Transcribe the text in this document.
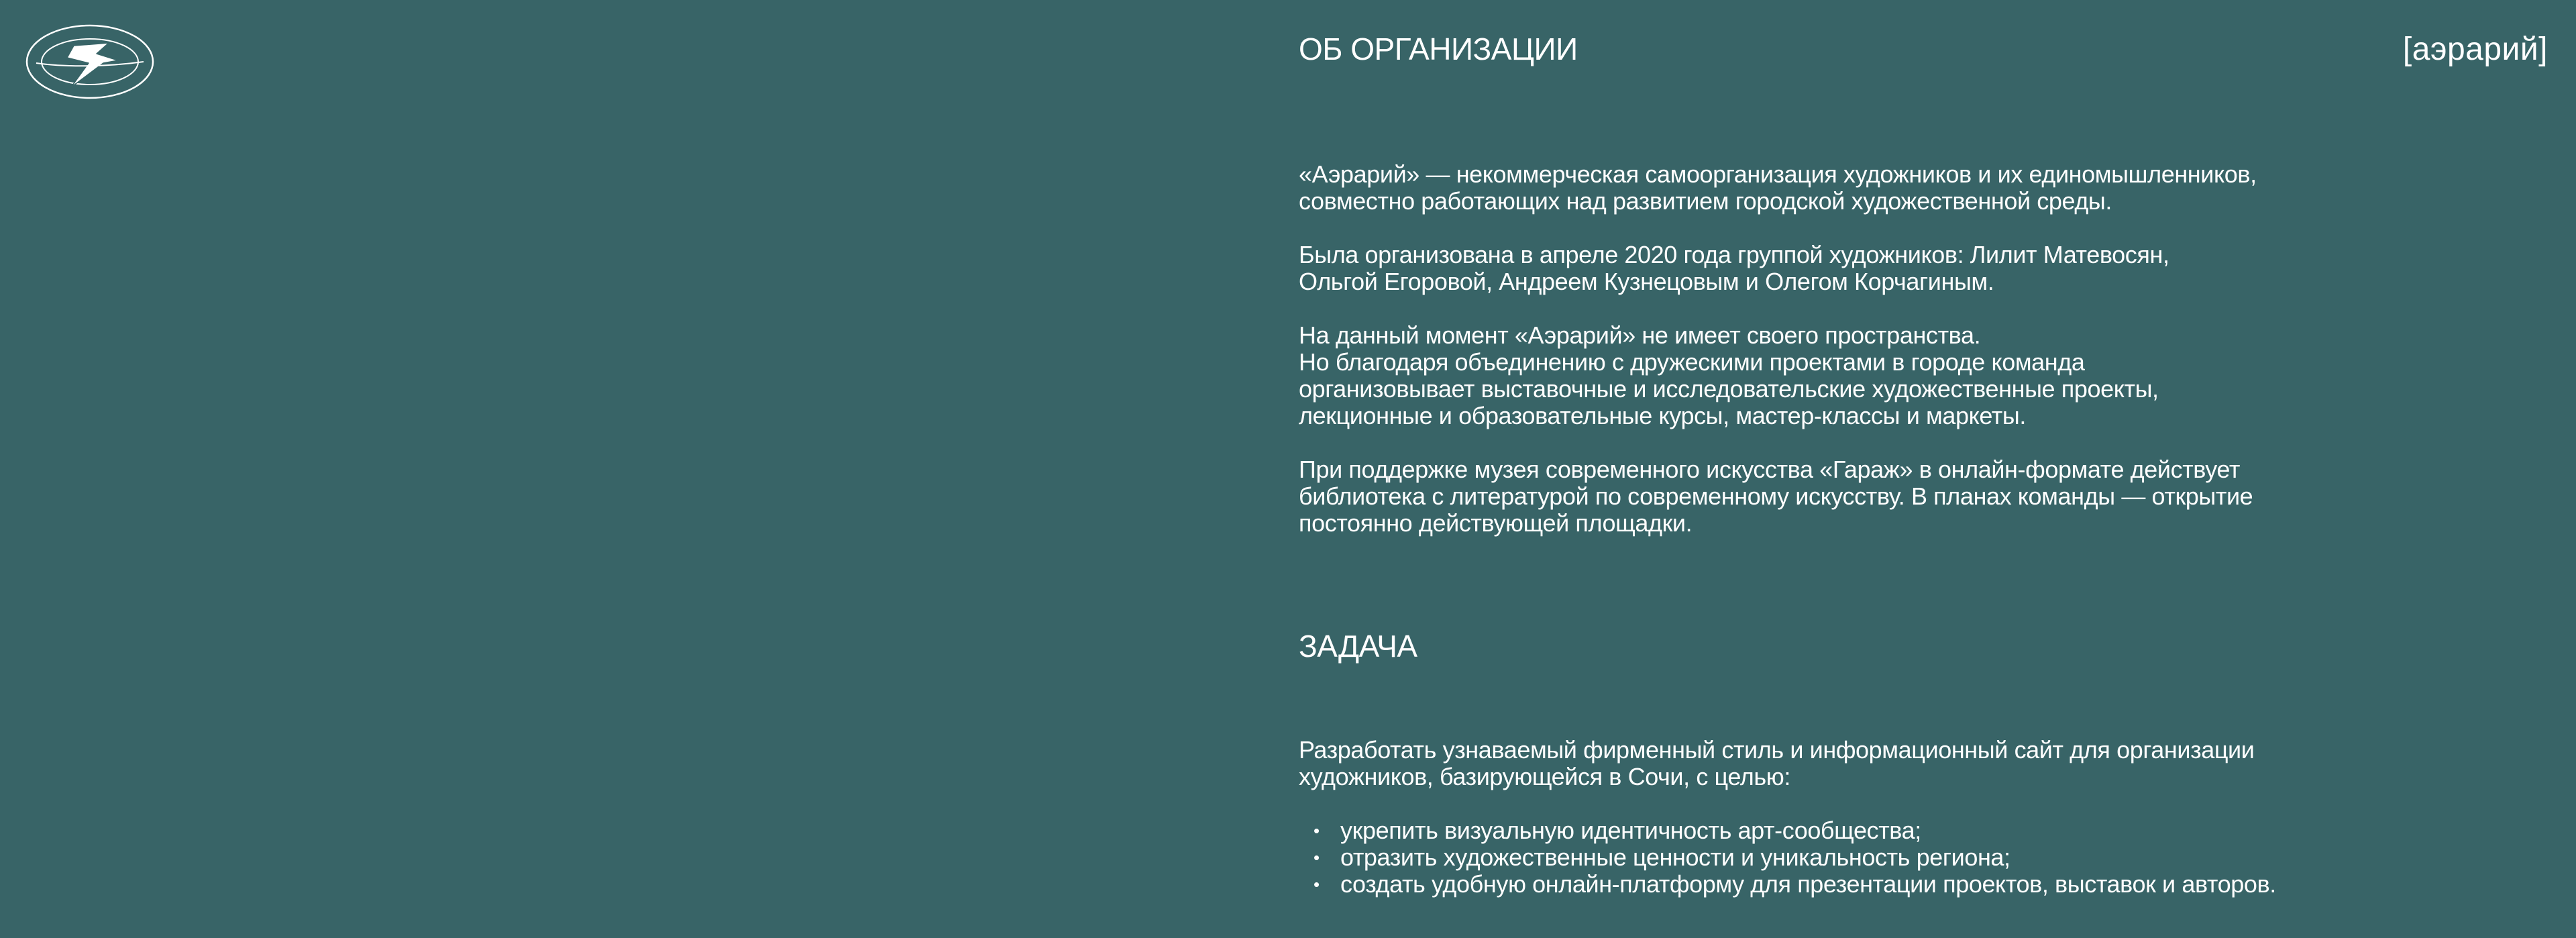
[аэрарий]
ОБ ОРГАНИЗАЦИИ

«Аэрарий» — некоммерческая самоорганизация художников и их единомышленников,
совместно работающих над развитием городской художественной среды.

Была организована в апреле 2020 года группой художников: Лилит Матевосян,
Ольгой Егоровой, Андреем Кузнецовым и Олегом Корчагиным.

На данный момент «Аэрарий» не имеет своего пространства.
Но благодаря объединению с дружескими проектами в городе команда
организовывает выставочные и исследовательские художественные проекты,
лекционные и образовательные курсы, мастер-классы и маркеты.

При поддержке музея современного искусства «Гараж» в онлайн-формате действует
библиотека с литературой по современному искусству. В планах команды — открытие
постоянно действующей площадки.

ЗАДАЧА

Разработать узнаваемый фирменный стиль и информационный сайт для организации
художников, базирующейся в Сочи, с целью:

• укрепить визуальную идентичность арт-сообщества;
• отразить художественные ценности и уникальность региона;
• создать удобную онлайн-платформу для презентации проектов, выставок и авторов.
